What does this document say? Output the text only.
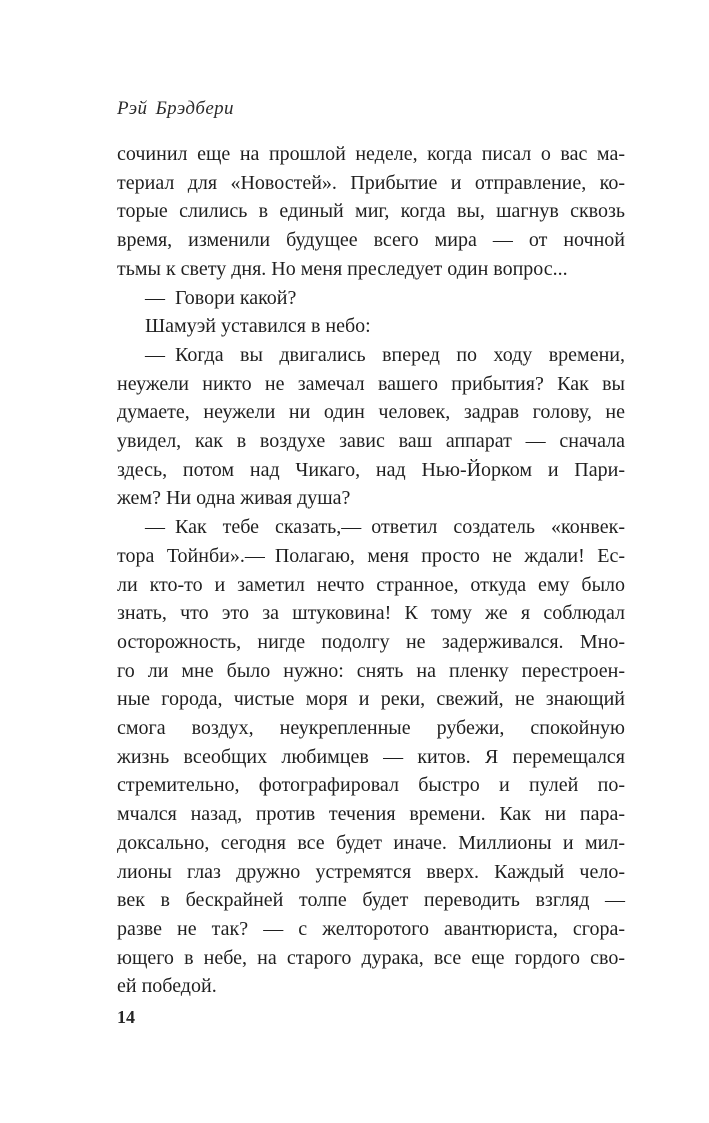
Рэй Брэдбери
сочинил еще на прошлой неделе, когда писал о вас ма-
териал для «Новостей». Прибытие и отправление, ко-
торые слились в единый миг, когда вы, шагнув сквозь
время, изменили будущее всего мира — от ночной
тьмы к свету дня. Но меня преследует один вопрос...
— Говори какой?
Шамуэй уставился в небо:
— Когда вы двигались вперед по ходу времени,
неужели никто не замечал вашего прибытия? Как вы
думаете, неужели ни один человек, задрав голову, не
увидел, как в воздухе завис ваш аппарат — сначала
здесь, потом над Чикаго, над Нью-Йорком и Пари-
жем? Ни одна живая душа?
— Как тебе сказать,— ответил создатель «конвек-
тора Тойнби».— Полагаю, меня просто не ждали! Ес-
ли кто-то и заметил нечто странное, откуда ему было
знать, что это за штуковина! К тому же я соблюдал
осторожность, нигде подолгу не задерживался. Мно-
го ли мне было нужно: снять на пленку перестроен-
ные города, чистые моря и реки, свежий, не знающий
смога воздух, неукрепленные рубежи, спокойную
жизнь всеобщих любимцев — китов. Я перемещался
стремительно, фотографировал быстро и пулей по-
мчался назад, против течения времени. Как ни пара-
доксально, сегодня все будет иначе. Миллионы и мил-
лионы глаз дружно устремятся вверх. Каждый чело-
век в бескрайней толпе будет переводить взгляд —
разве не так? — с желторотого авантюриста, сгора-
ющего в небе, на старого дурака, все еще гордого сво-
ей победой.
14
